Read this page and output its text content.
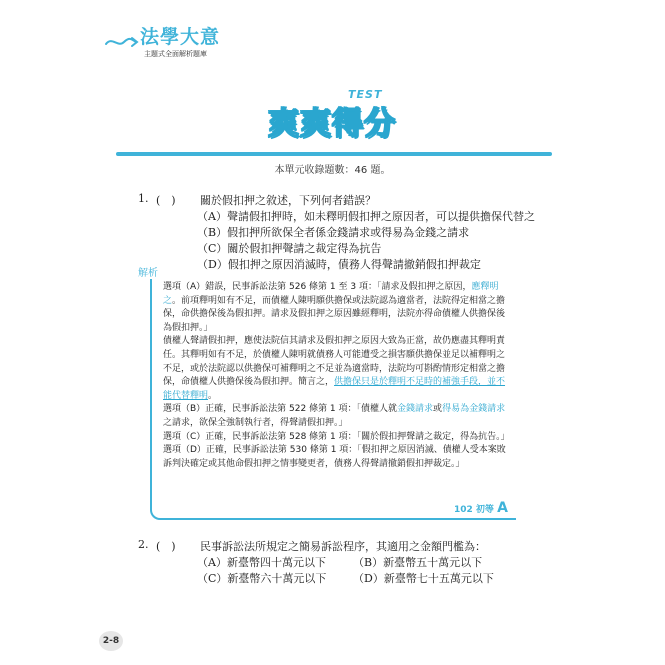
法學大意
主題式全面解析題庫
TEST
爽爽得分
本單元收錄題數：46 題。
1. (　) 關於假扣押之敘述，下列何者錯誤？
（A）聲請假扣押時，如未釋明假扣押之原因者，可以提供擔保代替之
（B）假扣押所欲保全者係金錢請求或得易為金錢之請求
（C）關於假扣押聲請之裁定得為抗告
（D）假扣押之原因消滅時，債務人得聲請撤銷假扣押裁定
解析

選項（A）錯誤，民事訴訟法第 526 條第 1 至 3 項：「請求及假扣押之原因，應釋明之。前項釋明如有不足，而債權人陳明願供擔保或法院認為適當者，法院得定相當之擔保，命供擔保後為假扣押。請求及假扣押之原因雖經釋明，法院亦得命債權人供擔保後為假扣押。」

債權人聲請假扣押，應使法院信其請求及假扣押之原因大致為正當，故仍應盡其釋明責任。其釋明如有不足，於債權人陳明就債務人可能遭受之損害願供擔保並足以補釋明之不足，或於法院認以供擔保可補釋明之不足並為適當時，法院均可斟酌情形定相當之擔保，命債權人供擔保後為假扣押。簡言之，供擔保只是於釋明不足時的補強手段，並不能代替釋明。

選項（B）正確，民事訴訟法第 522 條第 1 項：「債權人就金錢請求或得易為金錢請求之請求，欲保全強制執行者，得聲請假扣押。」

選項（C）正確，民事訴訟法第 528 條第 1 項：「關於假扣押聲請之裁定，得為抗告。」

選項（D）正確，民事訴訟法第 530 條第 1 項：「假扣押之原因消滅、債權人受本案敗訴判決確定或其他命假扣押之情事變更者，債務人得聲請撤銷假扣押裁定。」

102 初等 A
2. (　) 民事訴訟法所規定之簡易訴訟程序，其適用之金額門檻為：
（A）新臺幣四十萬元以下 （B）新臺幣五十萬元以下
（C）新臺幣六十萬元以下 （D）新臺幣七十五萬元以下
2-8
